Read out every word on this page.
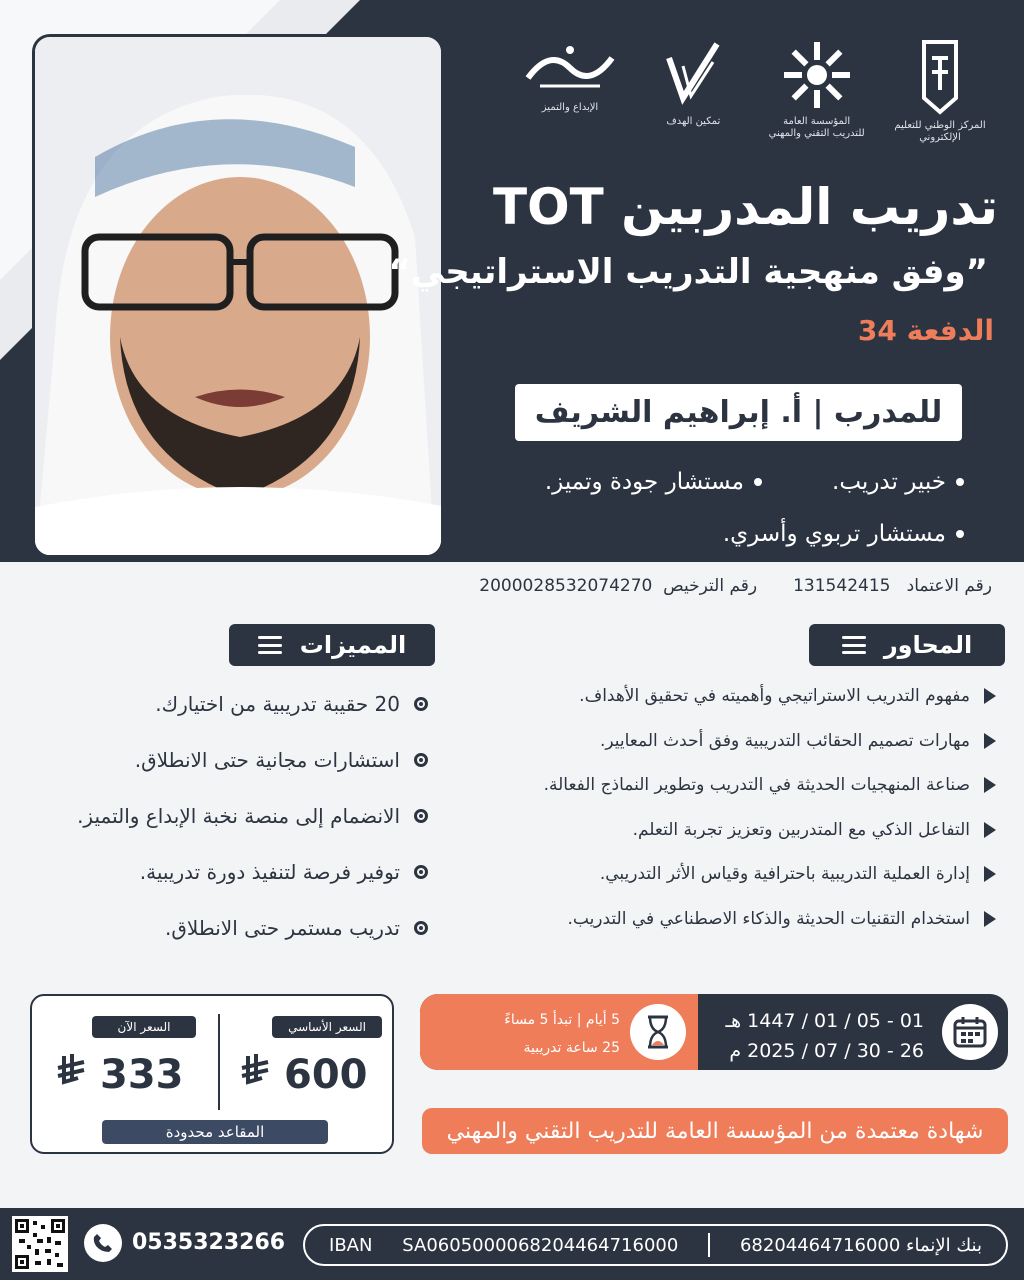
المركز الوطني للتعليم الإلكتروني
المؤسسة العامة للتدريب التقني والمهني
تمكين الهدف
الإبداع والتميز
تدريب المدربين TOT
”وفق منهجية التدريب الاستراتيجي“
الدفعة 34
للمدرب | أ. إبراهيم الشريف
خبير تدريب.
مستشار جودة وتميز.
مستشار تربوي وأسري.
رقم الاعتماد   131542415
رقم الترخيص  2000028532074270
المحاور
المميزات
مفهوم التدريب الاستراتيجي وأهميته في تحقيق الأهداف.
مهارات تصميم الحقائب التدريبية وفق أحدث المعايير.
صناعة المنهجيات الحديثة في التدريب وتطوير النماذج الفعالة.
التفاعل الذكي مع المتدربين وتعزيز تجربة التعلم.
إدارة العملية التدريبية باحترافية وقياس الأثر التدريبي.
استخدام التقنيات الحديثة والذكاء الاصطناعي في التدريب.
20 حقيبة تدريبية من اختيارك.
استشارات مجانية حتى الانطلاق.
الانضمام إلى منصة نخبة الإبداع والتميز.
توفير فرصة لتنفيذ دورة تدريبية.
تدريب مستمر حتى الانطلاق.
السعر الأساسي
السعر الآن
600
333
المقاعد محدودة
01 - 05 / 01 / 1447 هـ
26 - 30 / 07 / 2025 م
5 أيام | تبدأ 5 مساءً
25 ساعة تدريبية
شهادة معتمدة من المؤسسة العامة للتدريب التقني والمهني
0535323266	بنك الإنماء 68204464716000
SA0605000068204464716000
IBAN
